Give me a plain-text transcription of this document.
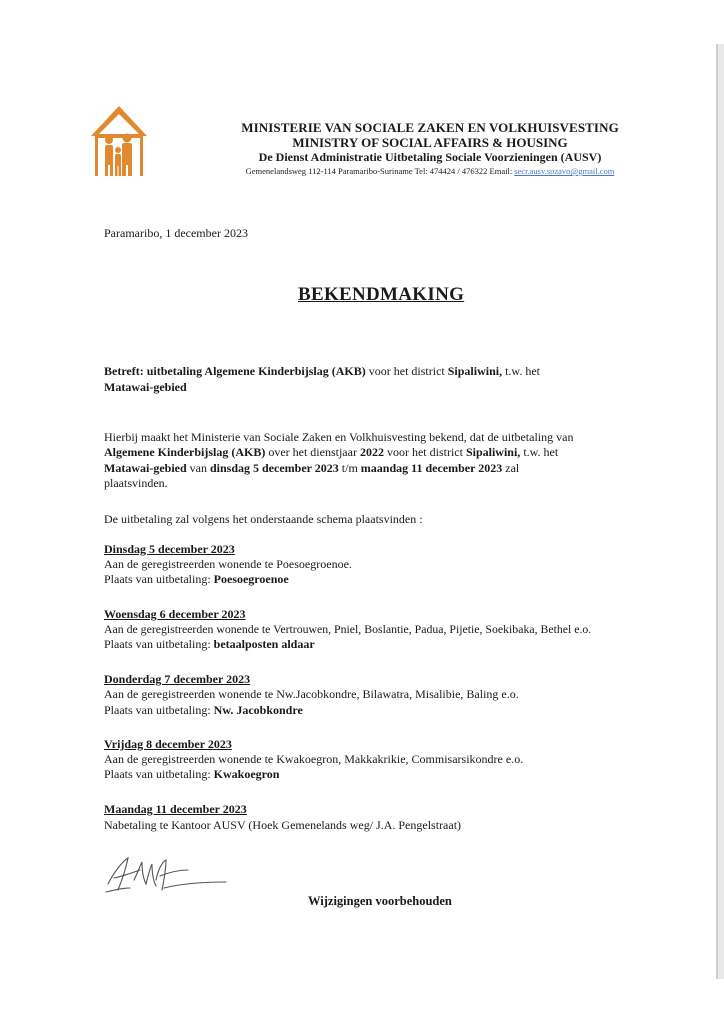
MINISTERIE VAN SOCIALE ZAKEN EN VOLKHUISVESTING
MINISTRY OF SOCIAL AFFAIRS & HOUSING
De Dienst Administratie Uitbetaling Sociale Voorzieningen (AUSV)
Gemenelandsweg 112-114 Paramaribo-Suriname Tel: 474424 / 476322 Email: secr.ausv.sozavo@gmail.com
Paramaribo, 1 december 2023
BEKENDMAKING
Betreft: uitbetaling Algemene Kinderbijslag (AKB) voor het district Sipaliwini, t.w. het
Matawai-gebied
Hierbij maakt het Ministerie van Sociale Zaken en Volkhuisvesting bekend, dat de uitbetaling van
Algemene Kinderbijslag (AKB) over het dienstjaar 2022 voor het district Sipaliwini, t.w. het
Matawai-gebied van dinsdag 5 december 2023 t/m maandag 11 december 2023 zal
plaatsvinden.
De uitbetaling zal volgens het onderstaande schema plaatsvinden :
Dinsdag 5 december 2023
Aan de geregistreerden wonende te Poesoegroenoe.
Plaats van uitbetaling: Poesoegroenoe
Woensdag 6 december 2023
Aan de geregistreerden wonende te Vertrouwen, Pniel, Boslantie, Padua, Pijetie, Soekibaka, Bethel e.o.
Plaats van uitbetaling: betaalposten aldaar
Donderdag 7 december 2023
Aan de geregistreerden wonende te Nw.Jacobkondre, Bilawatra, Misalibie, Baling e.o.
Plaats van uitbetaling: Nw. Jacobkondre
Vrijdag 8 december 2023
Aan de geregistreerden wonende te Kwakoegron, Makkakrikie, Commisarsikondre e.o.
Plaats van uitbetaling: Kwakoegron
Maandag 11 december 2023
Nabetaling te Kantoor AUSV (Hoek Gemenelands weg/ J.A. Pengelstraat)
Wijzigingen voorbehouden
